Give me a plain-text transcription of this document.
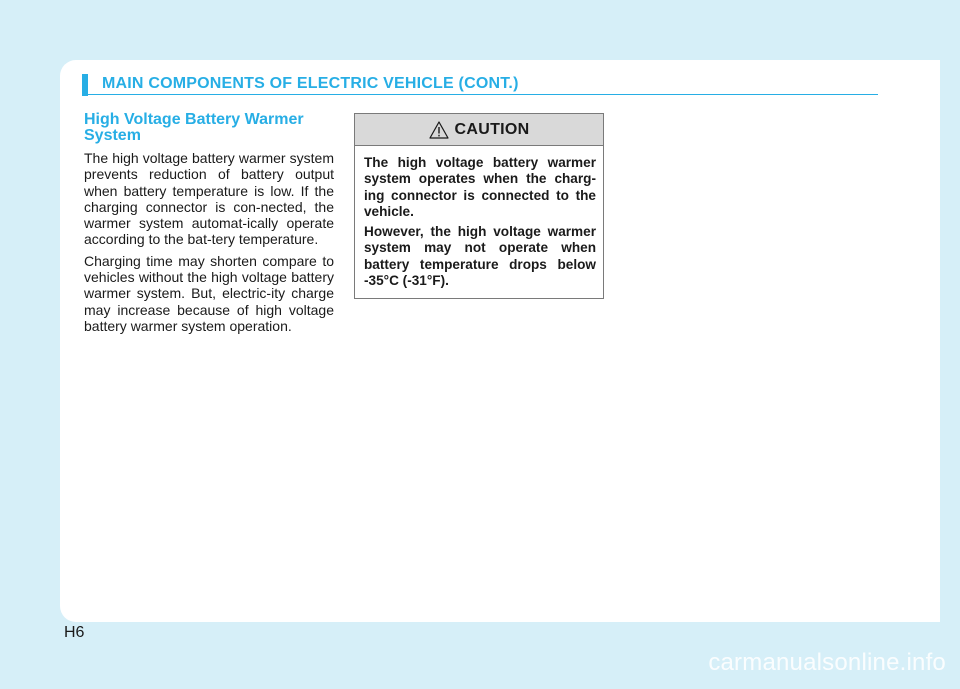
MAIN COMPONENTS OF ELECTRIC VEHICLE (CONT.)
High Voltage Battery Warmer System

The high voltage battery warmer system prevents reduction of battery output when battery temperature is low. If the charging connector is con-nected, the warmer system automat-ically operate according to the bat-tery temperature.

Charging time may shorten compare to vehicles without the high voltage battery warmer system. But, electric-ity charge may increase because of high voltage battery warmer system operation.

CAUTION

The high voltage battery warmer system operates when the charg-ing connector is connected to the vehicle.

However, the high voltage warmer system may not operate when battery temperature drops below -35°C (-31°F).

H6
carmanualsonline.info
